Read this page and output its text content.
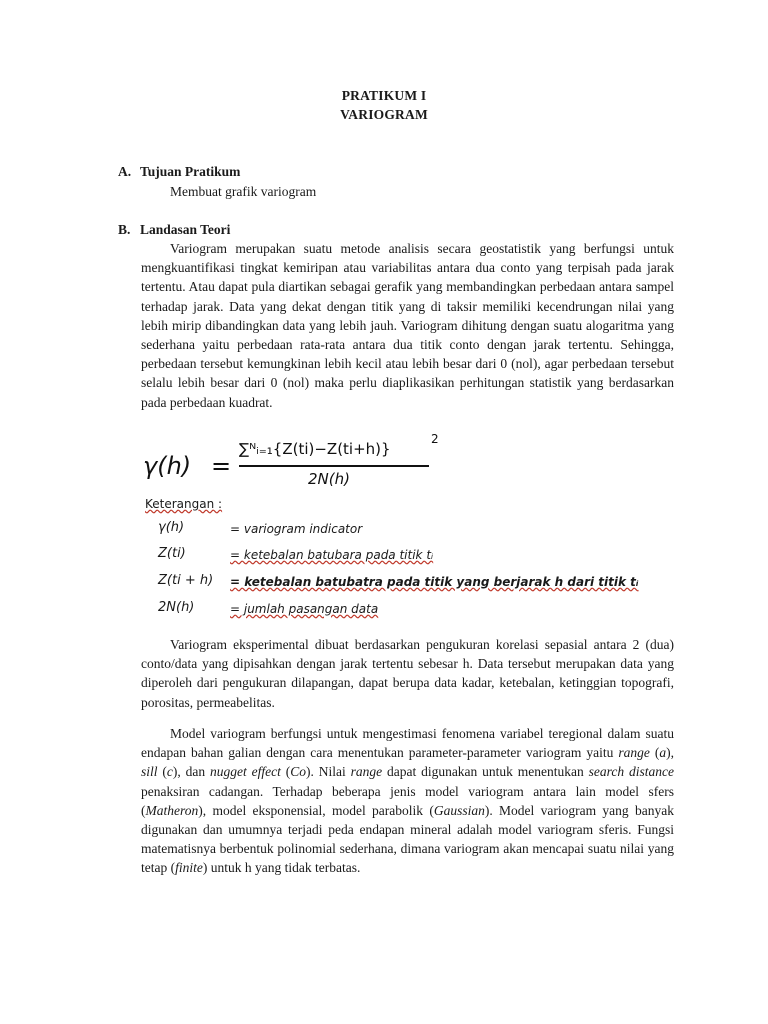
PRATIKUM I
VARIOGRAM
A. Tujuan Pratikum
Membuat grafik variogram
B. Landasan Teori

Variogram merupakan suatu metode analisis secara geostatistik yang berfungsi untuk mengkuantifikasi tingkat kemiripan atau variabilitas antara dua conto yang terpisah pada jarak tertentu. Atau dapat pula diartikan sebagai gerafik yang membandingkan perbedaan antara sampel terhadap jarak. Data yang dekat dengan titik yang di taksir memiliki kecendrungan nilai yang lebih mirip dibandingkan data yang lebih jauh. Variogram dihitung dengan suatu alogaritma yang sederhana yaitu perbedaan rata-rata antara dua titik conto dengan jarak tertentu. Sehingga, perbedaan tersebut kemungkinan lebih kecil atau lebih besar dari 0 (nol), agar perbedaan tersebut selalu lebih besar dari 0 (nol) maka perlu diaplikasikan perhitungan statistik yang berdasarkan pada perbedaan kuadrat.

γ(h) =
∑ᴺᵢ₌₁{Z(ti)−Z(ti+h)}
2
2N(h)
Keterangan :
γ(h)	= variogram indicator
Z(ti)	= ketebalan batubara pada titik tᵢ
Z(ti + h) = ketebalan batubatra pada titik yang berjarak h dari titik tᵢ
2N(h)	= jumlah pasangan data

Variogram eksperimental dibuat berdasarkan pengukuran korelasi sepasial antara 2 (dua) conto/data yang dipisahkan dengan jarak tertentu sebesar h. Data tersebut merupakan data yang diperoleh dari pengukuran dilapangan, dapat berupa data kadar, ketebalan, ketinggian topografi, porositas, permeabelitas.

Model variogram berfungsi untuk mengestimasi fenomena variabel teregional dalam suatu endapan bahan galian dengan cara menentukan parameter-parameter variogram yaitu range (a), sill (c), dan nugget effect (Co). Nilai range dapat digunakan untuk menentukan search distance penaksiran cadangan. Terhadap beberapa jenis model variogram antara lain model sfers (Matheron), model eksponensial, model parabolik (Gaussian). Model variogram yang banyak digunakan dan umumnya terjadi peda endapan mineral adalah model variogram sferis. Fungsi matematisnya berbentuk polinomial sederhana, dimana variogram akan mencapai suatu nilai yang tetap (finite) untuk h yang tidak terbatas.
